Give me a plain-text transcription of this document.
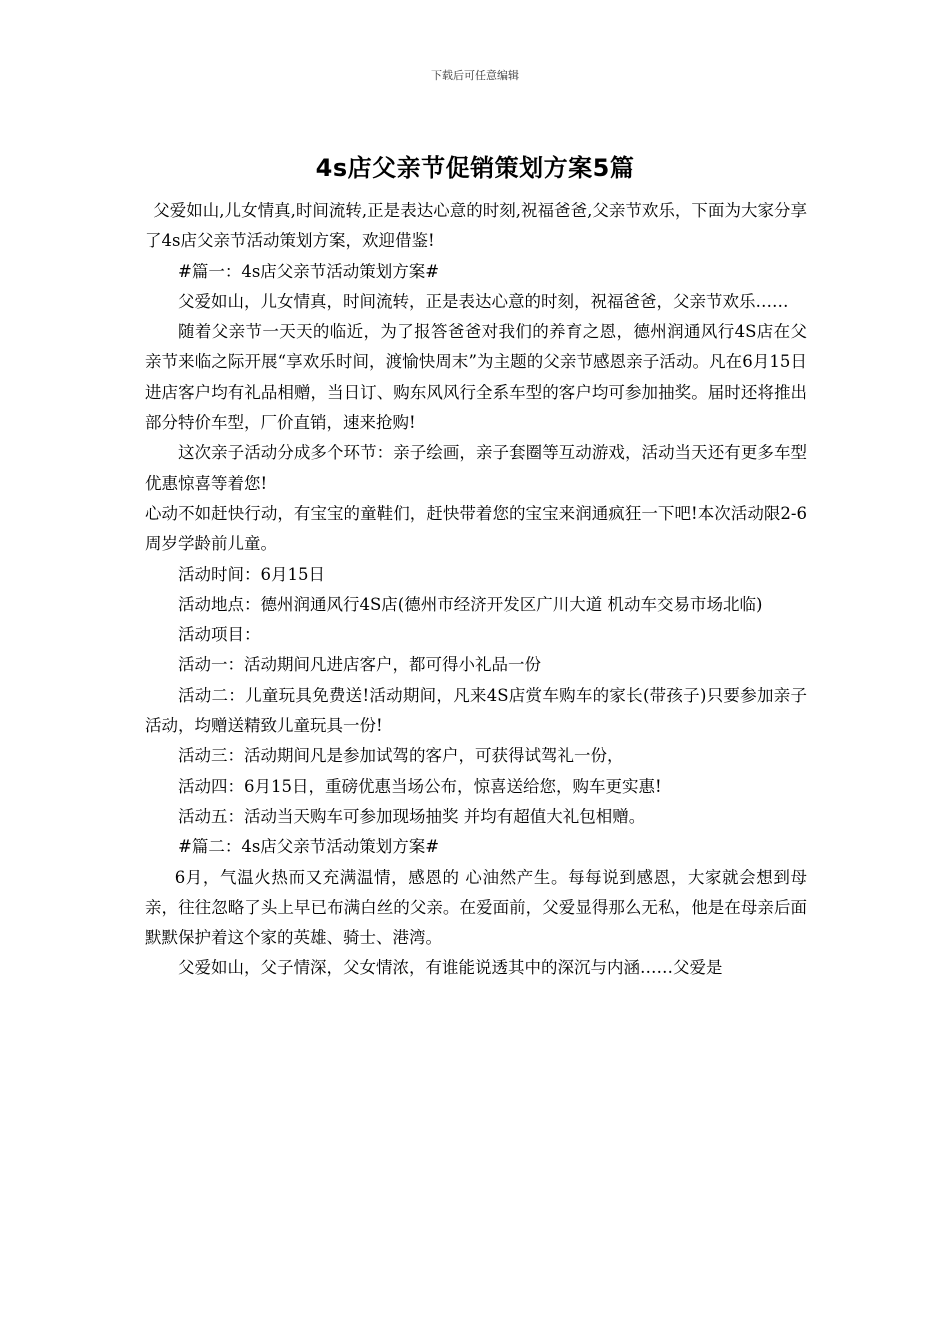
下载后可任意编辑
4s店父亲节促销策划方案5篇

父爱如山,儿女情真,时间流转,正是表达心意的时刻,祝福爸爸,父亲节欢乐，下面为大家分享了4s店父亲节活动策划方案，欢迎借鉴!

#篇一：4s店父亲节活动策划方案#

父爱如山，儿女情真，时间流转，正是表达心意的时刻，祝福爸爸，父亲节欢乐……

随着父亲节一天天的临近，为了报答爸爸对我们的养育之恩，德州润通风行4S店在父亲节来临之际开展“享欢乐时间，渡愉快周末”为主题的父亲节感恩亲子活动。凡在6月15日进店客户均有礼品相赠，当日订、购东风风行全系车型的客户均可参加抽奖。届时还将推出部分特价车型，厂价直销，速来抢购!

这次亲子活动分成多个环节：亲子绘画，亲子套圈等互动游戏，活动当天还有更多车型优惠惊喜等着您!

心动不如赶快行动，有宝宝的童鞋们，赶快带着您的宝宝来润通疯狂一下吧!本次活动限2-6周岁学龄前儿童。

活动时间：6月15日

活动地点：德州润通风行4S店(德州市经济开发区广川大道 机动车交易市场北临)

活动项目：

活动一：活动期间凡进店客户，都可得小礼品一份

活动二：儿童玩具免费送!活动期间，凡来4S店赏车购车的家长(带孩子)只要参加亲子活动，均赠送精致儿童玩具一份!

活动三：活动期间凡是参加试驾的客户，可获得试驾礼一份，

活动四：6月15日，重磅优惠当场公布，惊喜送给您，购车更实惠!

活动五：活动当天购车可参加现场抽奖 并均有超值大礼包相赠。

#篇二：4s店父亲节活动策划方案#

6月，气温火热而又充满温情，感恩的 心油然产生。每每说到感恩，大家就会想到母亲，往往忽略了头上早已布满白丝的父亲。在爱面前，父爱显得那么无私，他是在母亲后面默默保护着这个家的英雄、骑士、港湾。

父爱如山，父子情深，父女情浓，有谁能说透其中的深沉与内涵……父爱是
